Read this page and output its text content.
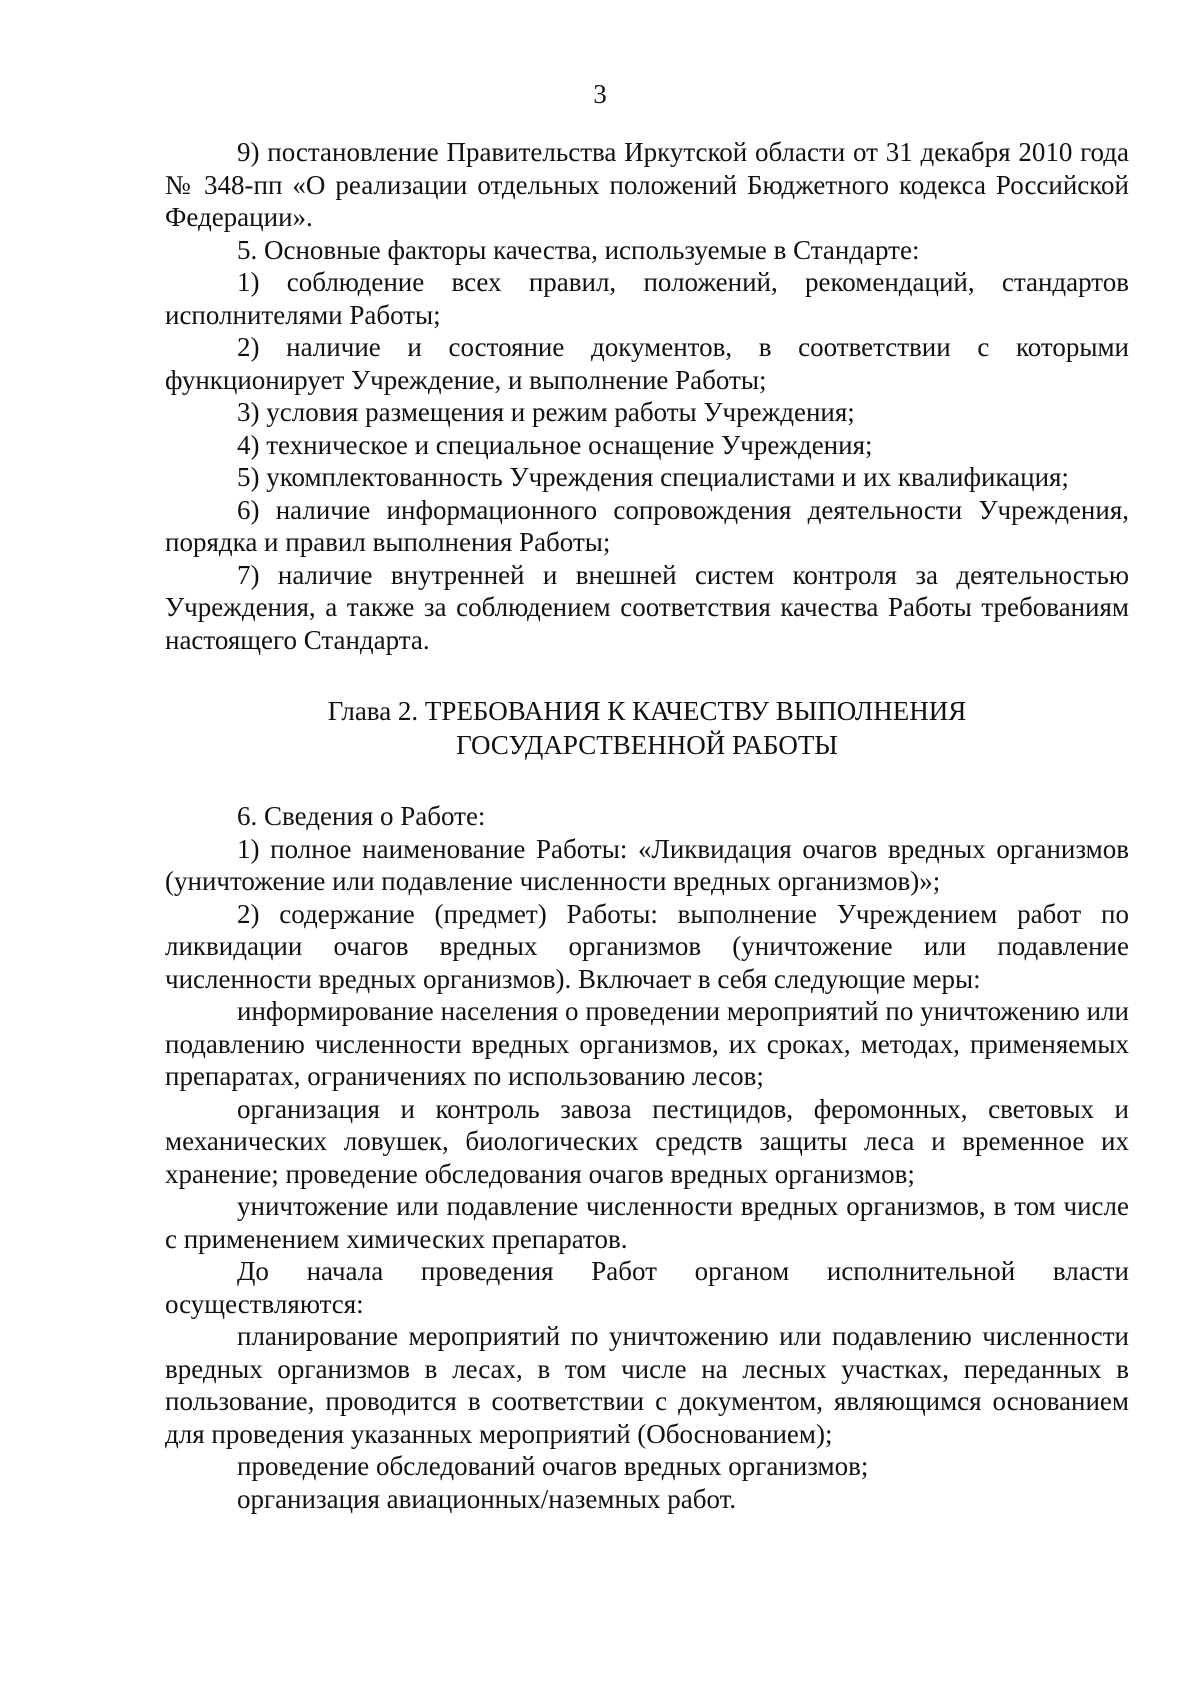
3

9) постановление Правительства Иркутской области от 31 декабря 2010 года № 348-пп «О реализации отдельных положений Бюджетного кодекса Российской Федерации».

5. Основные факторы качества, используемые в Стандарте:

1) соблюдение всех правил, положений, рекомендаций, стандартов исполнителями Работы;

2) наличие и состояние документов, в соответствии с которыми функционирует Учреждение, и выполнение Работы;

3) условия размещения и режим работы Учреждения;

4) техническое и специальное оснащение Учреждения;

5) укомплектованность Учреждения специалистами и их квалификация;

6) наличие информационного сопровождения деятельности Учреждения, порядка и правил выполнения Работы;

7) наличие внутренней и внешней систем контроля за деятельностью Учреждения, а также за соблюдением соответствия качества Работы требованиям настоящего Стандарта.

Глава 2. ТРЕБОВАНИЯ К КАЧЕСТВУ ВЫПОЛНЕНИЯ
ГОСУДАРСТВЕННОЙ РАБОТЫ

6. Сведения о Работе:

1) полное наименование Работы: «Ликвидация очагов вредных организмов (уничтожение или подавление численности вредных организмов)»;

2) содержание (предмет) Работы: выполнение Учреждением работ по ликвидации очагов вредных организмов (уничтожение или подавление численности вредных организмов). Включает в себя следующие меры:

информирование населения о проведении мероприятий по уничтожению или подавлению численности вредных организмов, их сроках, методах, применяемых препаратах, ограничениях по использованию лесов;

организация и контроль завоза пестицидов, феромонных, световых и механических ловушек, биологических средств защиты леса и временное их хранение; проведение обследования очагов вредных организмов;

уничтожение или подавление численности вредных организмов, в том числе с применением химических препаратов.

До начала проведения Работ органом исполнительной власти осуществляются:

планирование мероприятий по уничтожению или подавлению численности вредных организмов в лесах, в том числе на лесных участках, переданных в пользование, проводится в соответствии с документом, являющимся основанием для проведения указанных мероприятий (Обоснованием);

проведение обследований очагов вредных организмов;

организация авиационных/наземных работ.
